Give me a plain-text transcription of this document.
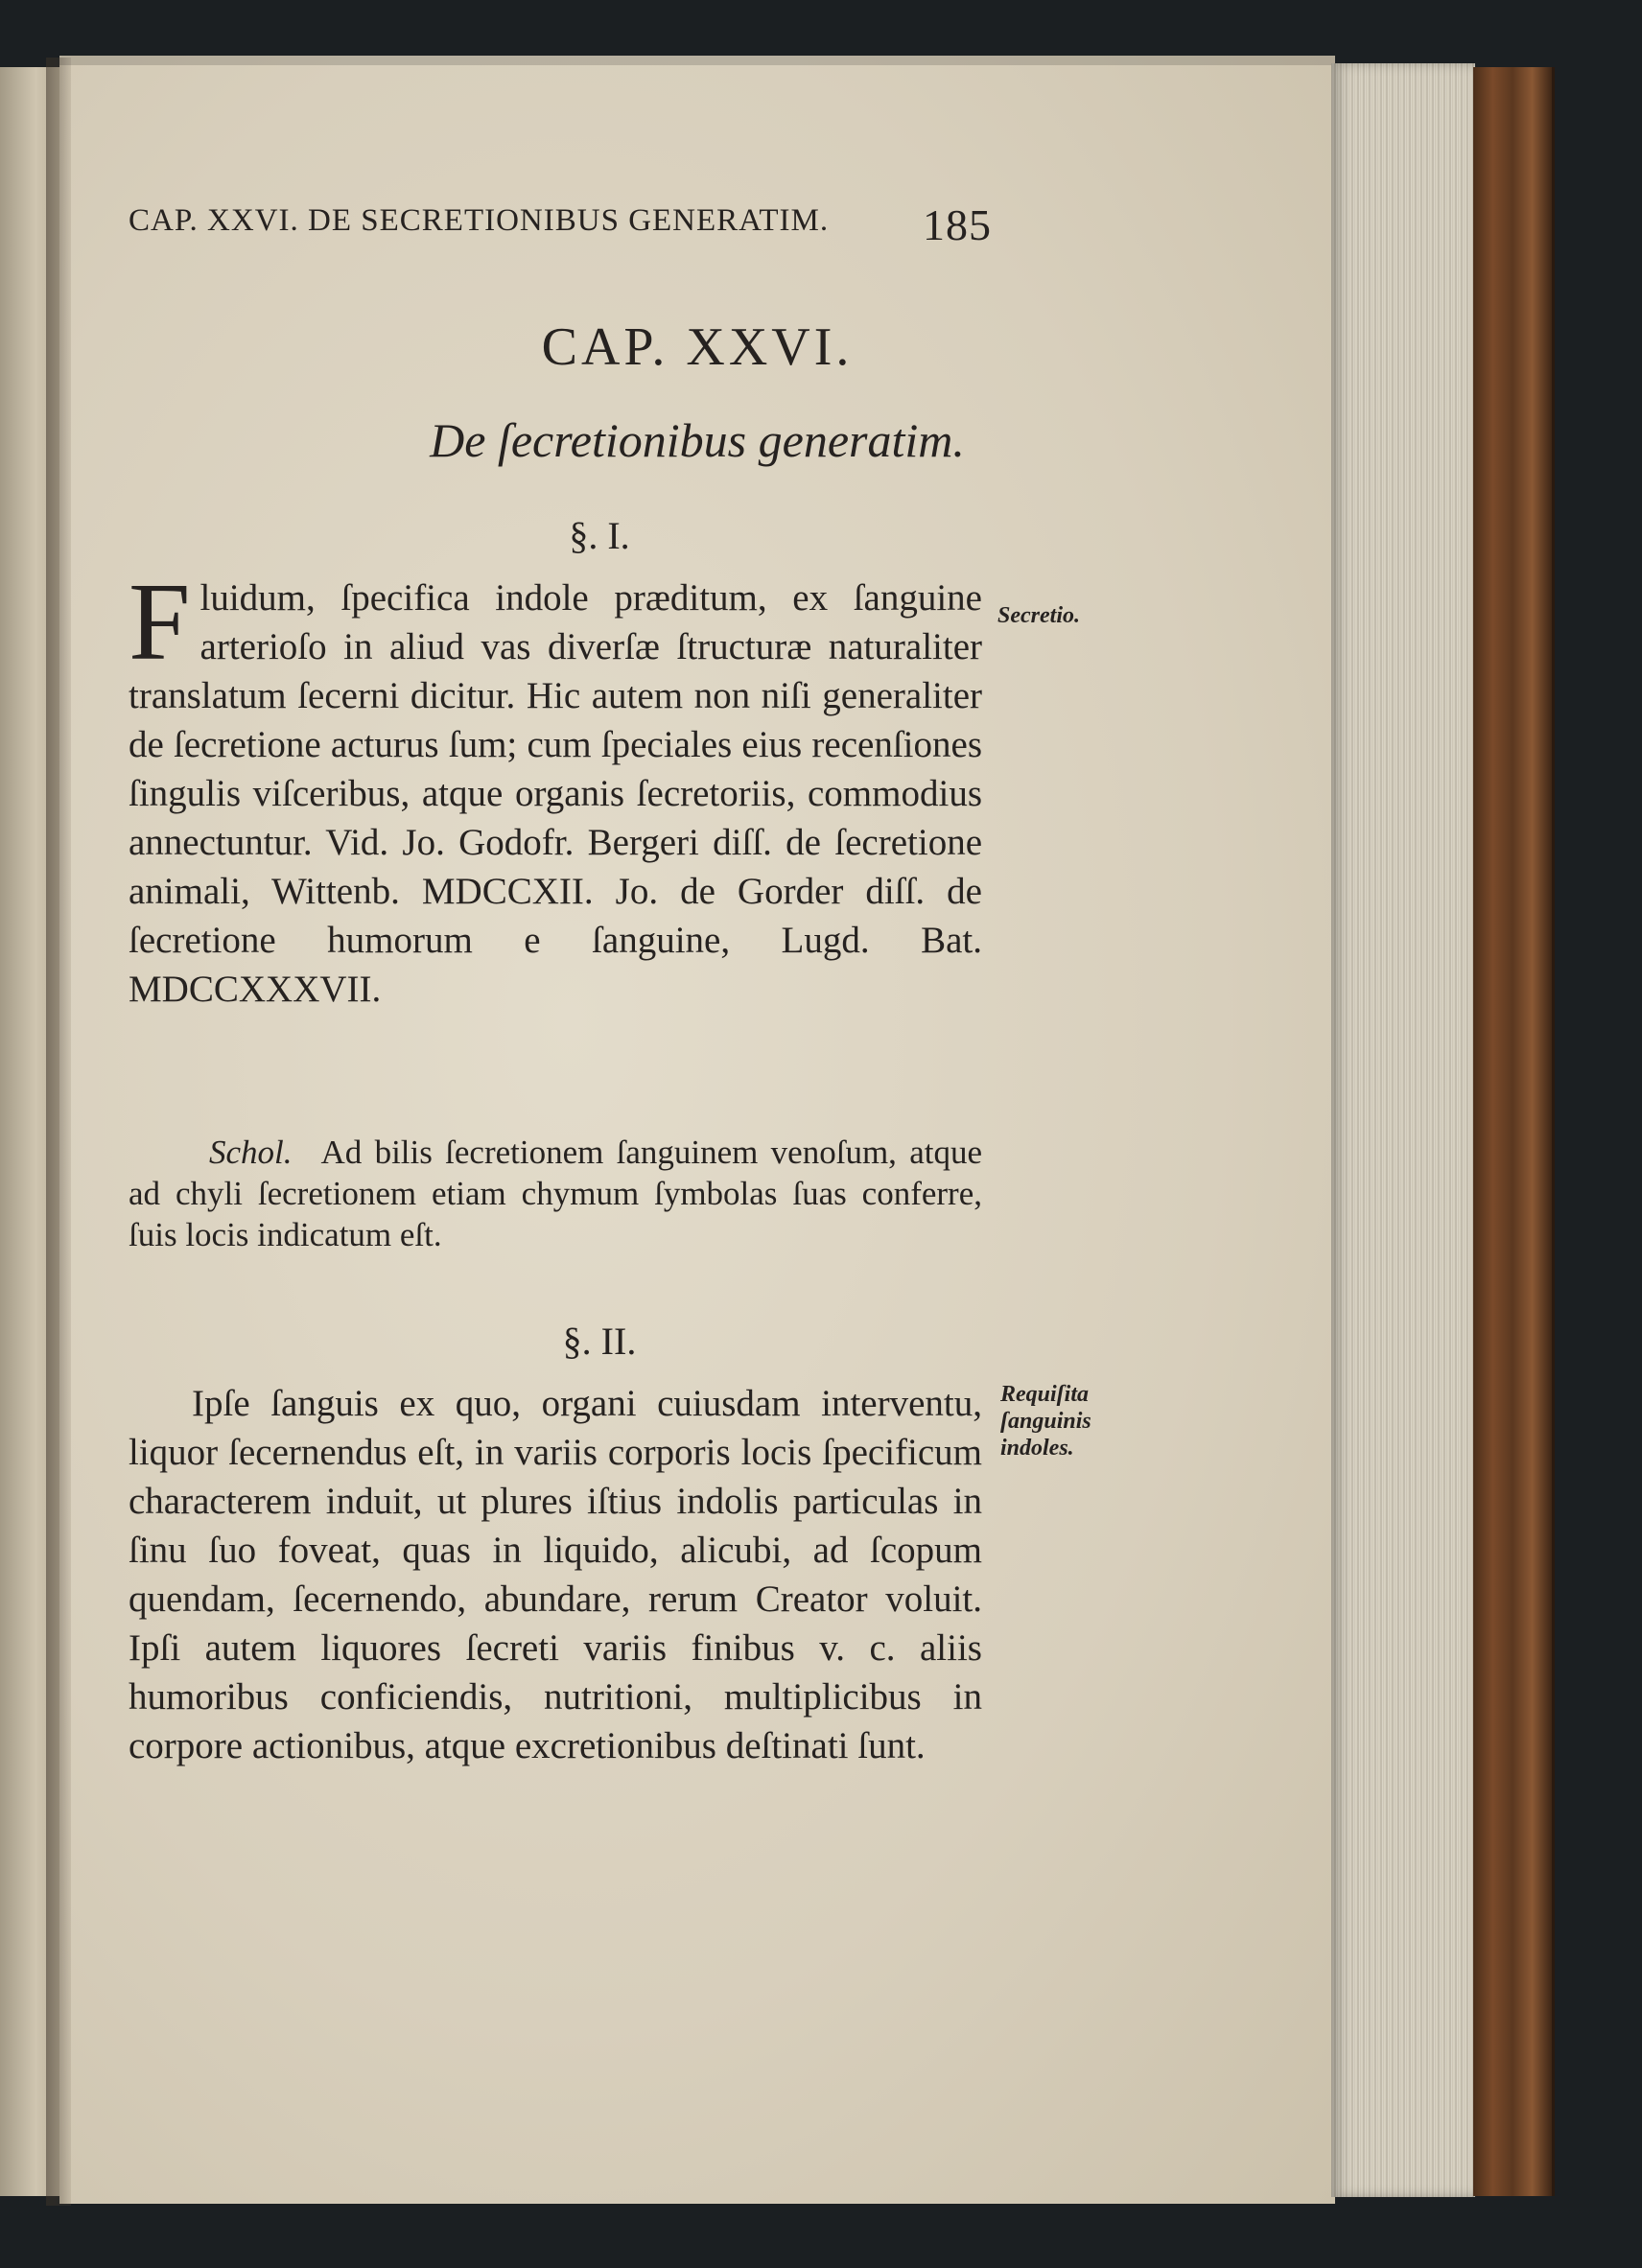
CAP. XXVI. DE SECRETIONIBUS GENERATIM. 185
CAP. XXVI.
De ſecretionibus generatim.
§. I.
F luidum, ſpecifica indole prӕditum, ex ſanguine arterioſo in aliud vas diverſӕ ſtructurӕ naturaliter translatum ſecerni dicitur. Hic autem non niſi generaliter de ſecretione acturus ſum; cum ſpeciales eius recenſiones ſingulis viſceribus, atque organis ſecretoriis, commodius annectuntur. Vid. Jo. Godofr. Bergeri diſſ. de ſecretione animali, Wittenb. MDCCXII. Jo. de Gorder diſſ. de ſecretione humorum e ſanguine, Lugd. Bat. MDCCXXXVII.
Secretio.
Schol. Ad bilis ſecretionem ſanguinem venoſum, atque ad chyli ſecretionem etiam chymum ſymbolas ſuas conferre, ſuis locis indicatum eſt.
§. II.
Ipſe ſanguis ex quo, organi cuiusdam interventu, liquor ſecernendus eſt, in variis corporis locis ſpecificum characterem induit, ut plures iſtius indolis particulas in ſinu ſuo foveat, quas in liquido, alicubi, ad ſcopum quendam, ſecernendo, abundare, rerum Creator voluit. Ipſi autem liquores ſecreti variis finibus v. c. aliis humoribus conficiendis, nutritioni, multiplicibus in corpore actionibus, atque excretionibus deſtinati ſunt.
Requiſita ſanguinis indoles.
